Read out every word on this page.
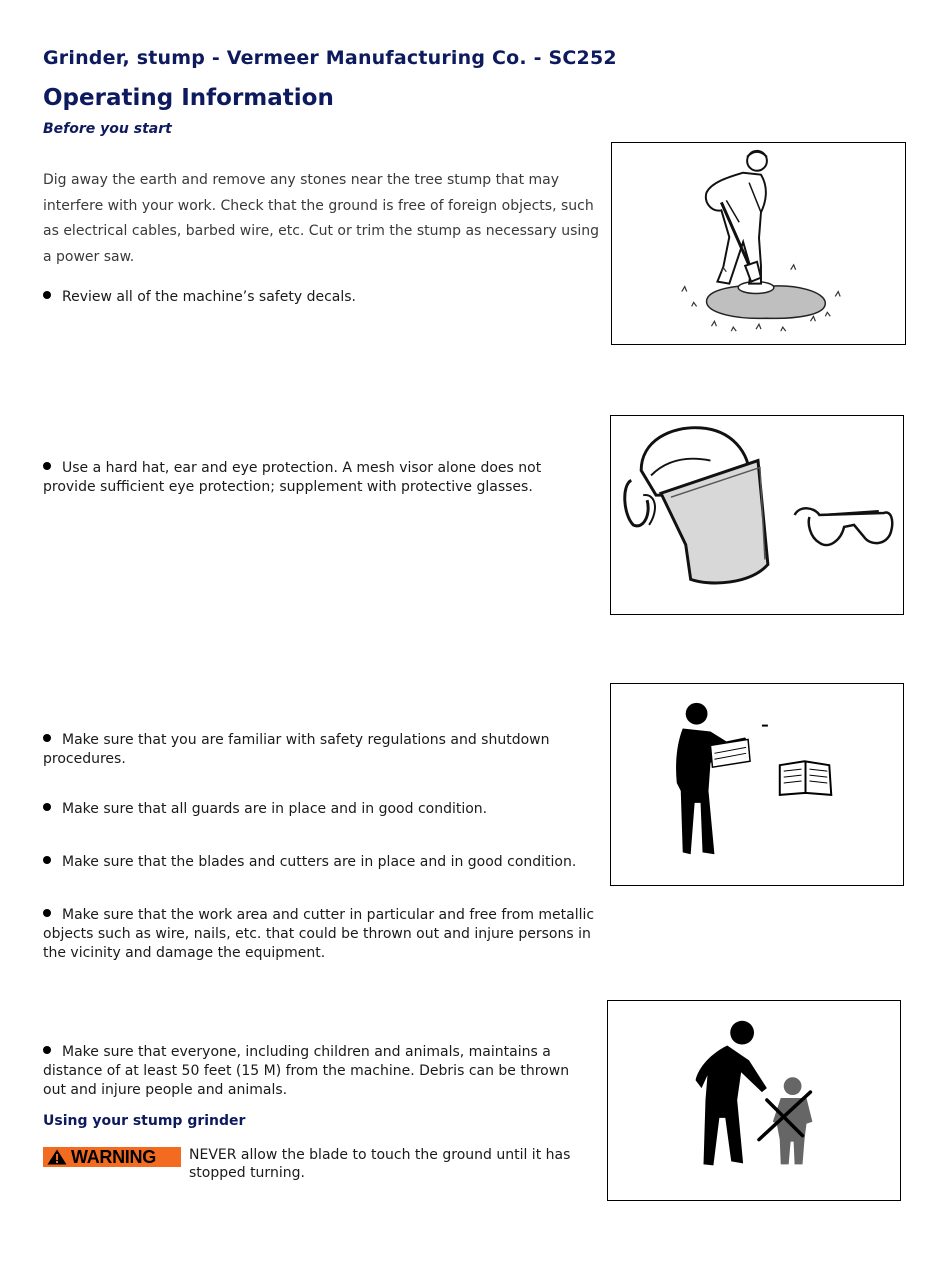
Grinder, stump - Vermeer Manufacturing Co. - SC252
Operating Information
Before you start
Dig away the earth and remove any stones near the tree stump that may interfere with your work. Check that the ground is free of foreign objects, such as electrical cables, barbed wire, etc. Cut or trim the stump as necessary using a power saw.
Review all of the machine’s safety decals.
Use a hard hat, ear and eye protection. A mesh visor alone does not provide sufficient eye protection; supplement with protective glasses.
Make sure that you are familiar with safety regulations and shutdown procedures.
Make sure that all guards are in place and in good condition.
Make sure that the blades and cutters are in place and in good condition.
Make sure that the work area and cutter in particular and free from metallic objects such as wire, nails, etc. that could be thrown out and injure persons in the vicinity and damage the equipment.
Make sure that everyone, including children and animals, maintains a distance of at least 50 feet (15 M) from the machine. Debris can be thrown out and injure people and animals.
Using your stump grinder
WARNING NEVER allow the blade to touch the ground until it has stopped turning.
